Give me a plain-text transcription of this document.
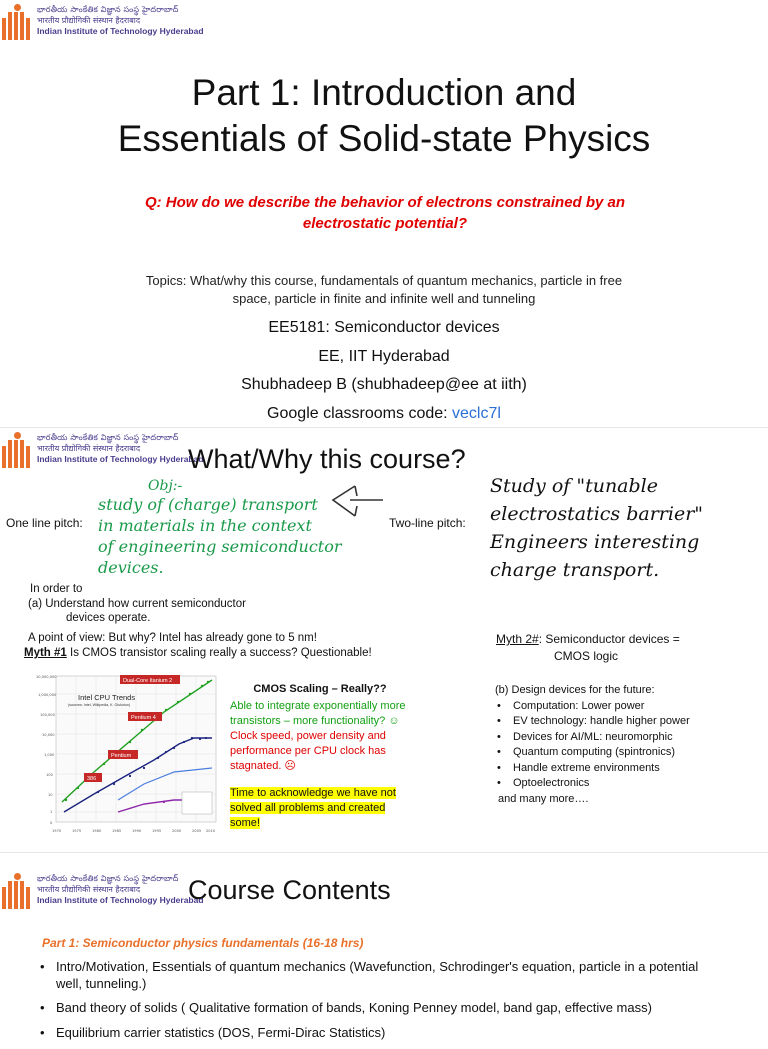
భారతీయ సాంకేతిక విజ్ఞాన సంస్థ హైదరాబాద్
भारतीय प्रौद्योगिकी संस्थान हैदराबाद
Indian Institute of Technology Hyderabad
Part 1: Introduction and
Essentials of Solid-state Physics
Q: How do we describe the behavior of electrons constrained by an
electrostatic potential?
Topics: What/why this course, fundamentals of quantum mechanics, particle in free
space, particle in finite and infinite well and tunneling
EE5181: Semiconductor devices
EE, IIT Hyderabad
Shubhadeep B (shubhadeep@ee at iith)
Google classrooms code: veclc7l
భారతీయ సాంకేతిక విజ్ఞాన సంస్థ హైదరాబాద్
भारतीय प्रौद्योगिकी संस्थान हैदराबाद
Indian Institute of Technology Hyderabad
What/Why this course?
One line pitch:	Two-line pitch:
Obj:-
study of (charge) transport
in materials in the context
of engineering semiconductor
devices.
Study of "tunable
electrostatics barrier"
Engineers interesting
charge transport.
In order to
(a) Understand how current semiconductor
devices operate.
A point of view: But why? Intel has already gone to 5 nm!
Myth #1 Is CMOS transistor scaling really a success? Questionable!
Myth 2#: Semiconductor devices =
CMOS logic
10,000,000
1,000,000
100,000
10,000
1,000
100
10
1
0
1970	1975	1980	1985	1990	1995	2000	2005 2010
Intel CPU Trends
(sources: Intel, Wikipedia, K. Olukotun)
Dual-Core Itanium 2
Pentium 4
Pentium
386
CMOS Scaling – Really??
Able to integrate exponentially more transistors – more functionality? ☺
Clock speed, power density and performance per CPU clock has stagnated. ☹
Time to acknowledge we have not solved all problems and created some!
(b) Design devices for the future:
• Computation: Lower power
• EV technology: handle higher power
• Devices for AI/ML: neuromorphic
• Quantum computing (spintronics)
• Handle extreme environments
• Optoelectronics
and many more….
భారతీయ సాంకేతిక విజ్ఞాన సంస్థ హైదరాబాద్
भारतीय प्रौद्योगिकी संस्थान हैदराबाद
Indian Institute of Technology Hyderabad
Course Contents
Part 1: Semiconductor physics fundamentals (16-18 hrs)
• Intro/Motivation, Essentials of quantum mechanics (Wavefunction, Schrodinger's equation, particle in a potential well, tunneling.)
• Band theory of solids ( Qualitative formation of bands, Koning Penney model, band gap, effective mass)
• Equilibrium carrier statistics (DOS, Fermi-Dirac Statistics)
